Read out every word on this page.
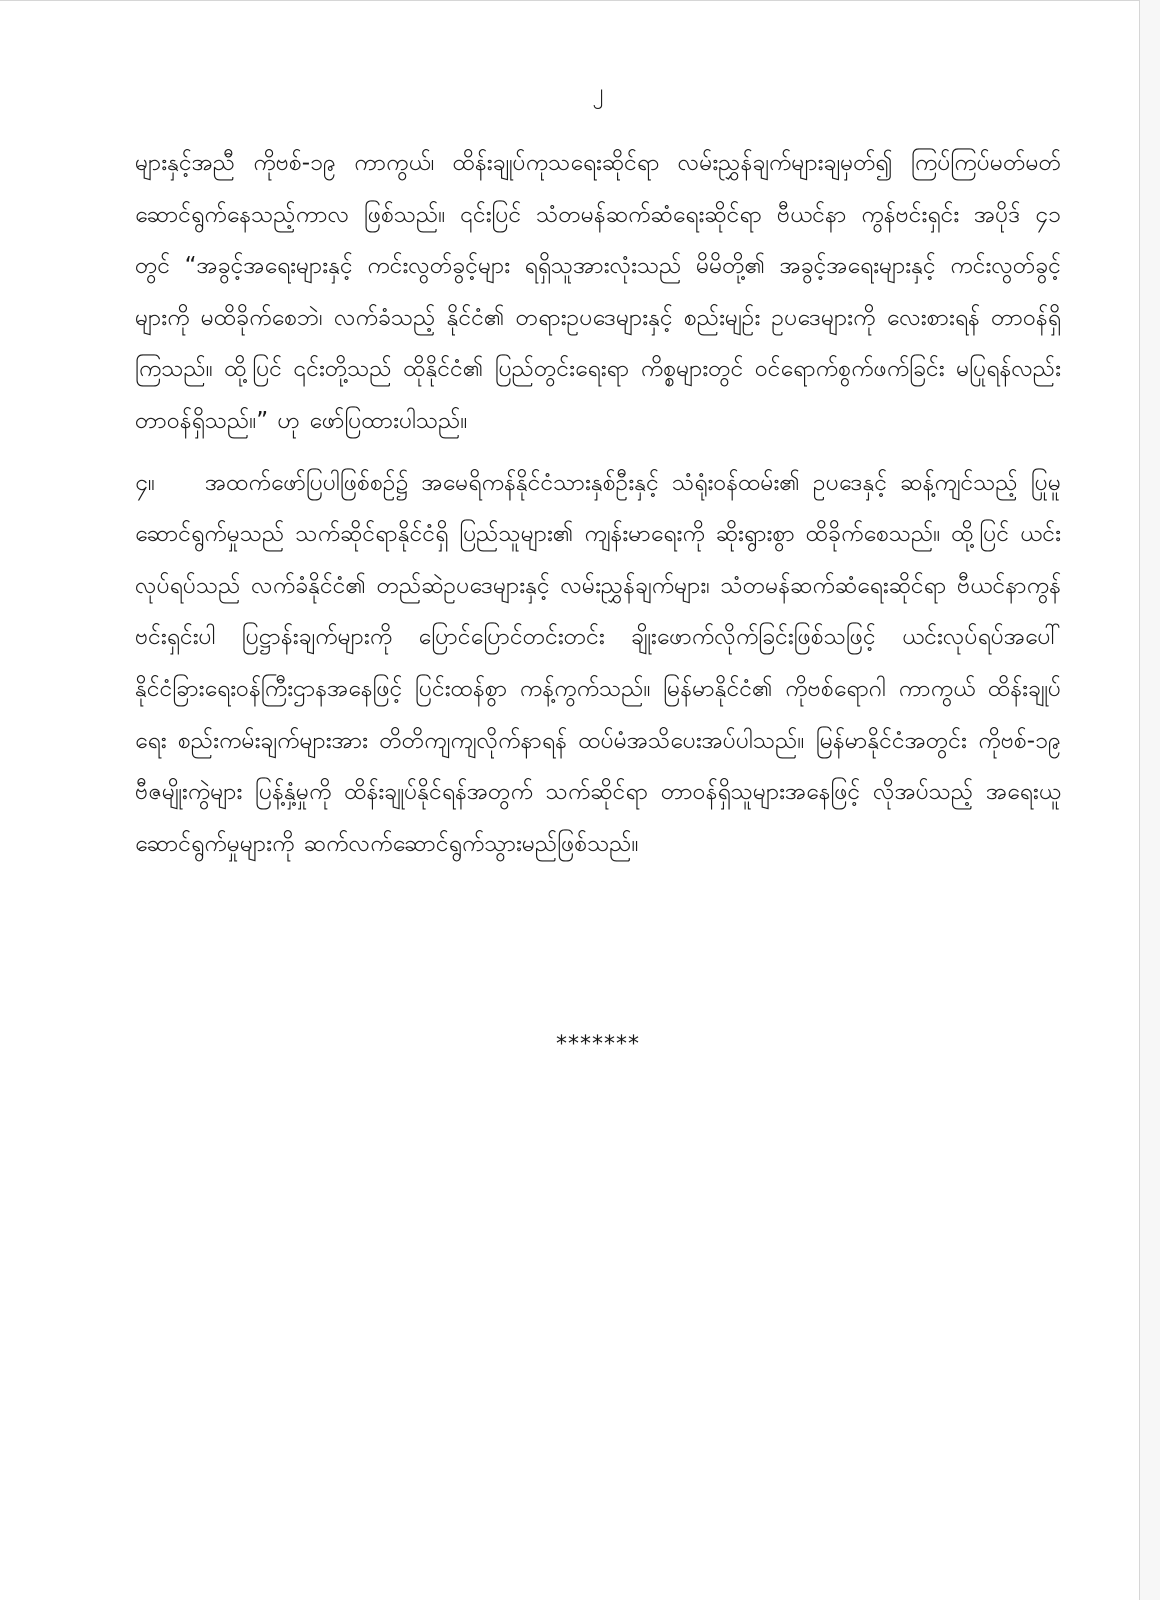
၂

များနှင့်အညီ ကိုဗစ်-၁၉ ကာကွယ်၊ ထိန်းချုပ်ကုသရေးဆိုင်ရာ လမ်းညွှန်ချက်များချမှတ်၍ ကြပ်ကြပ်မတ်မတ် ဆောင်ရွက်နေသည့်ကာလ ဖြစ်သည်။ ၎င်းပြင် သံတမန်ဆက်ဆံရေးဆိုင်ရာ ဗီယင်နာ ကွန်ဗင်းရှင်း အပိုဒ် ၄၁ တွင် “အခွင့်အရေးများနှင့် ကင်းလွတ်ခွင့်များ ရရှိသူအားလုံးသည် မိမိတို့၏ အခွင့်အရေးများနှင့် ကင်းလွတ်ခွင့်များကို မထိခိုက်စေဘဲ၊ လက်ခံသည့် နိုင်ငံ၏ တရားဥပဒေများနှင့် စည်းမျဉ်း ဥပဒေများကို လေးစားရန် တာဝန်ရှိကြသည်။ ထို့ပြင် ၎င်းတို့သည် ထိုနိုင်ငံ၏ ပြည်တွင်းရေးရာ ကိစ္စများတွင် ဝင်ရောက်စွက်ဖက်ခြင်း မပြုရန်လည်း တာဝန်ရှိသည်။” ဟု ဖော်ပြထားပါသည်။

၄။ အထက်ဖော်ပြပါဖြစ်စဉ်၌ အမေရိကန်နိုင်ငံသားနှစ်ဦးနှင့် သံရုံးဝန်ထမ်း၏ ဥပဒေနှင့် ဆန့်ကျင်သည့် ပြုမူဆောင်ရွက်မှုသည် သက်ဆိုင်ရာနိုင်ငံရှိ ပြည်သူများ၏ ကျန်းမာရေးကို ဆိုးရွားစွာ ထိခိုက်စေသည်။ ထို့ပြင် ယင်းလုပ်ရပ်သည် လက်ခံနိုင်ငံ၏ တည်ဆဲဥပဒေများနှင့် လမ်းညွှန်ချက်များ၊ သံတမန်ဆက်ဆံရေးဆိုင်ရာ ဗီယင်နာကွန်ဗင်းရှင်းပါ ပြဋ္ဌာန်းချက်များကို ပြောင်ပြောင်တင်းတင်း ချိုးဖောက်လိုက်ခြင်းဖြစ်သဖြင့် ယင်းလုပ်ရပ်အပေါ် နိုင်ငံခြားရေးဝန်ကြီးဌာနအနေဖြင့် ပြင်းထန်စွာ ကန့်ကွက်သည်။ မြန်မာနိုင်ငံ၏ ကိုဗစ်ရောဂါ ကာကွယ် ထိန်းချုပ်ရေး စည်းကမ်းချက်များအား တိတိကျကျလိုက်နာရန် ထပ်မံအသိပေးအပ်ပါသည်။ မြန်မာနိုင်ငံအတွင်း ကိုဗစ်-၁၉ ဗီဇမျိုးကွဲများ ပြန့်နှံ့မှုကို ထိန်းချုပ်နိုင်ရန်အတွက် သက်ဆိုင်ရာ တာဝန်ရှိသူများအနေဖြင့် လိုအပ်သည့် အရေးယူဆောင်ရွက်မှုများကို ဆက်လက်ဆောင်ရွက်သွားမည်ဖြစ်သည်။

*******
